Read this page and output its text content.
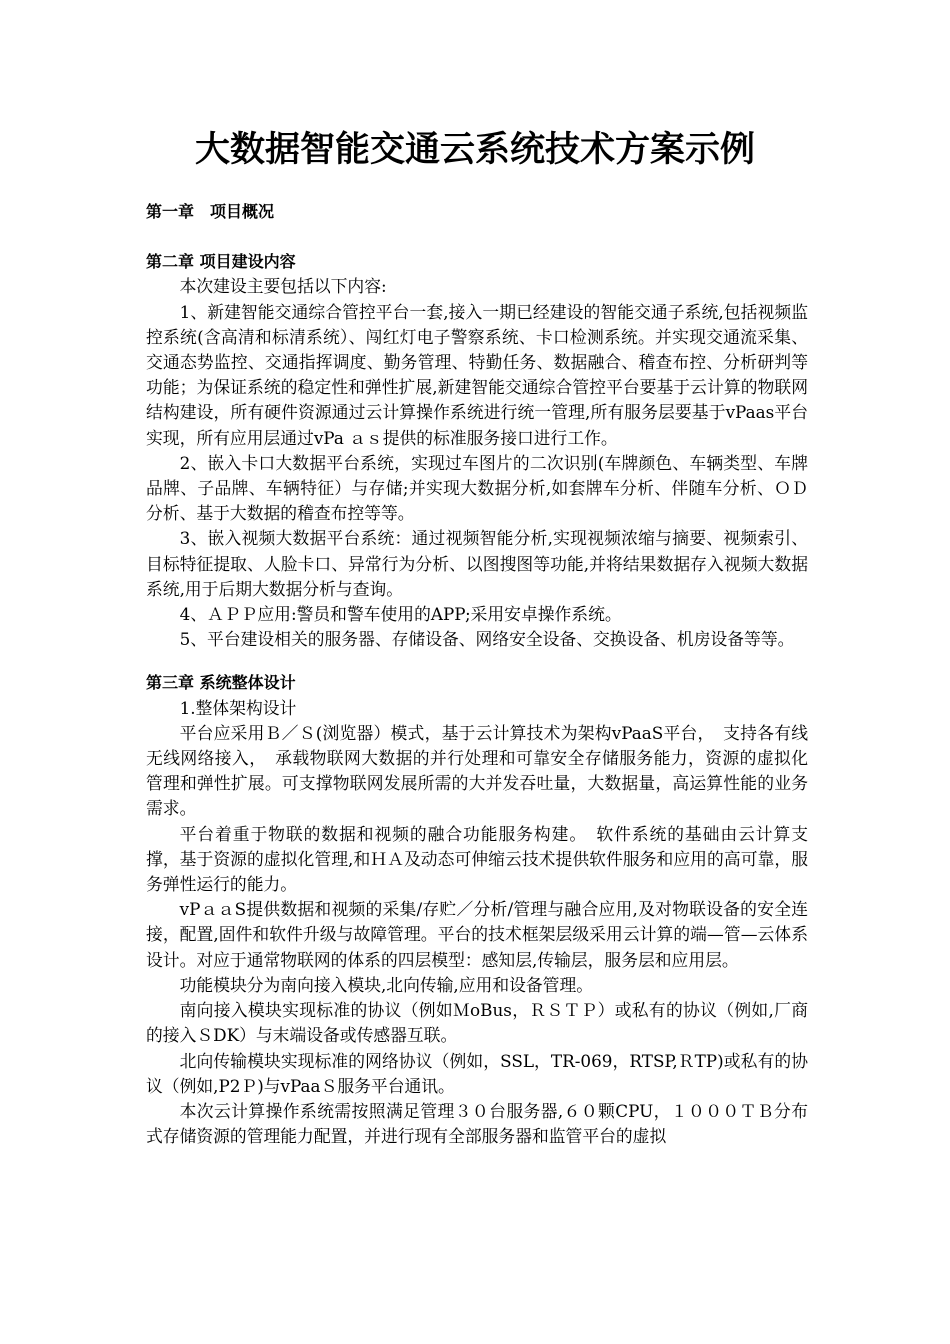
大数据智能交通云系统技术方案示例

第一章　项目概况

第二章 项目建设内容

本次建设主要包括以下内容:

1、新建智能交通综合管控平台一套,接入一期已经建设的智能交通子系统,包括视频监控系统(含高清和标清系统）、闯红灯电子警察系统、卡口检测系统。并实现交通流采集、交通态势监控、交通指挥调度、勤务管理、特勤任务、数据融合、稽查布控、分析研判等功能；为保证系统的稳定性和弹性扩展,新建智能交通综合管控平台要基于云计算的物联网结构建设，所有硬件资源通过云计算操作系统进行统一管理,所有服务层要基于vPaas平台实现，所有应用层通过vPa ａｓ提供的标准服务接口进行工作。

2、嵌入卡口大数据平台系统，实现过车图片的二次识别(车牌颜色、车辆类型、车牌品牌、子品牌、车辆特征）与存储;并实现大数据分析,如套牌车分析、伴随车分析、ＯＤ分析、基于大数据的稽查布控等等。

3、嵌入视频大数据平台系统：通过视频智能分析,实现视频浓缩与摘要、视频索引、目标特征提取、人脸卡口、异常行为分析、以图搜图等功能,并将结果数据存入视频大数据系统,用于后期大数据分析与查询。

4、ＡＰＰ应用:警员和警车使用的APP;采用安卓操作系统。

5、平台建设相关的服务器、存储设备、网络安全设备、交换设备、机房设备等等。

第三章 系统整体设计

1.整体架构设计

平台应采用Ｂ／Ｓ(浏览器）模式，基于云计算技术为架构vPaaS平台，　支持各有线无线网络接入，　承载物联网大数据的并行处理和可靠安全存储服务能力，资源的虚拟化管理和弹性扩展。可支撑物联网发展所需的大并发吞吐量，大数据量，高运算性能的业务需求。

平台着重于物联的数据和视频的融合功能服务构建。　软件系统的基础由云计算支撑，基于资源的虚拟化管理,和ＨＡ及动态可伸缩云技术提供软件服务和应用的高可靠，服务弹性运行的能力。

vPａａS提供数据和视频的采集/存贮／分析/管理与融合应用,及对物联设备的安全连接，配置,固件和软件升级与故障管理。平台的技术框架层级采用云计算的端—管—云体系设计。对应于通常物联网的体系的四层模型：感知层,传输层，服务层和应用层。

功能模块分为南向接入模块,北向传输,应用和设备管理。

南向接入模块实现标准的协议（例如ＭoBus，ＲＳＴＰ）或私有的协议（例如,厂商的接入ＳDK）与末端设备或传感器互联。

北向传输模块实现标准的网络协议（例如，SSL，TR-069，RTSP,ＲTP)或私有的协议（例如,P2Ｐ)与vPaaＳ服务平台通讯。

本次云计算操作系统需按照满足管理３０台服务器,６０颗CPU，１０００ＴＢ分布式存储资源的管理能力配置，并进行现有全部服务器和监管平台的虚拟
